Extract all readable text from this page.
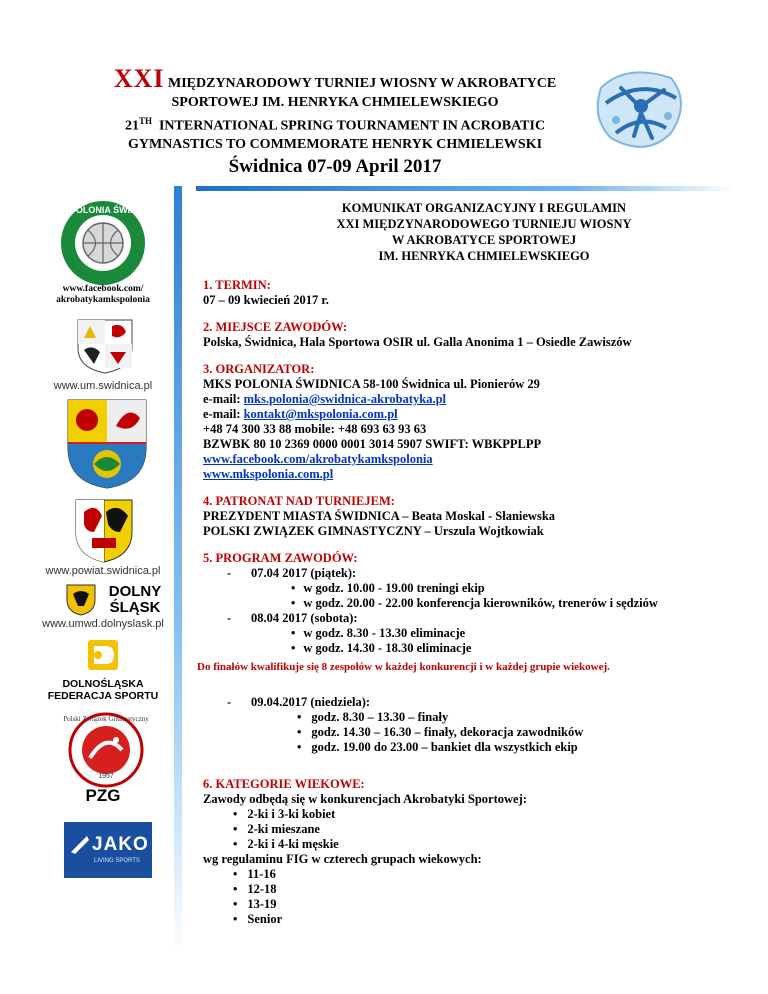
XXI MIĘDZYNARODOWY TURNIEJ WIOSNY W AKROBATYCE
SPORTOWEJ IM. HENRYKA CHMIELEWSKIEGO
21TH INTERNATIONAL SPRING TOURNAMENT IN ACROBATIC
GYMNASTICS TO COMMEMORATE HENRYK CHMIELEWSKI
Świdnica 07-09 April 2017
MKS POLONIA ŚWIDNICA
www.facebook.com/
akrobatykamkspolonia
www.um.swidnica.pl
www.powiat.swidnica.pl
DOLNY ŚLĄSK
www.umwd.dolnyslask.pl
DOLNOŚLĄSKA
FEDERACJA SPORTU
Polski Związek Gimnastyczny
1957
PZG
JAKO
LIVING SPORTS
KOMUNIKAT ORGANIZACYJNY I REGULAMIN
XXI MIĘDZYNARODOWEGO TURNIEJU WIOSNY
W AKROBATYCE SPORTOWEJ
IM. HENRYKA CHMIELEWSKIEGO
1. TERMIN:
07 – 09 kwiecień 2017 r.
2. MIEJSCE ZAWODÓW:
Polska, Świdnica, Hala Sportowa OSIR ul. Galla Anonima 1 – Osiedle Zawiszów
3. ORGANIZATOR:
MKS POLONIA ŚWIDNICA 58-100 Świdnica ul. Pionierów 29
e-mail: mks.polonia@swidnica-akrobatyka.pl
e-mail: kontakt@mkspolonia.com.pl
+48 74 300 33 88 mobile: +48 693 63 93 63
BZWBK 80 10 2369 0000 0001 3014 5907 SWIFT: WBKPPLPP
www.facebook.com/akrobatykamkspolonia
www.mkspolonia.com.pl
4. PATRONAT NAD TURNIEJEM:
PREZYDENT MIASTA ŚWIDNICA – Beata Moskal - Słaniewska
POLSKI ZWIĄZEK GIMNASTYCZNY – Urszula Wojtkowiak
5. PROGRAM ZAWODÓW:
- 07.04 2017 (piątek):
• w godz. 10.00 - 19.00 treningi ekip
• w godz. 20.00 - 22.00 konferencja kierowników, trenerów i sędziów
- 08.04 2017 (sobota):
• w godz. 8.30 - 13.30 eliminacje
• w godz. 14.30 - 18.30 eliminacje
Do finałów kwalifikuje się 8 zespołów w każdej konkurencji i w każdej grupie wiekowej.
- 09.04.2017 (niedziela):
• godz. 8.30 – 13.30 – finały
• godz. 14.30 – 16.30 – finały, dekoracja zawodników
• godz. 19.00 do 23.00 – bankiet dla wszystkich ekip
6. KATEGORIE WIEKOWE:
Zawody odbędą się w konkurencjach Akrobatyki Sportowej:
• 2-ki i 3-ki kobiet
• 2-ki mieszane
• 2-ki i 4-ki męskie
wg regulaminu FIG w czterech grupach wiekowych:
• 11-16
• 12-18
• 13-19
• Senior
